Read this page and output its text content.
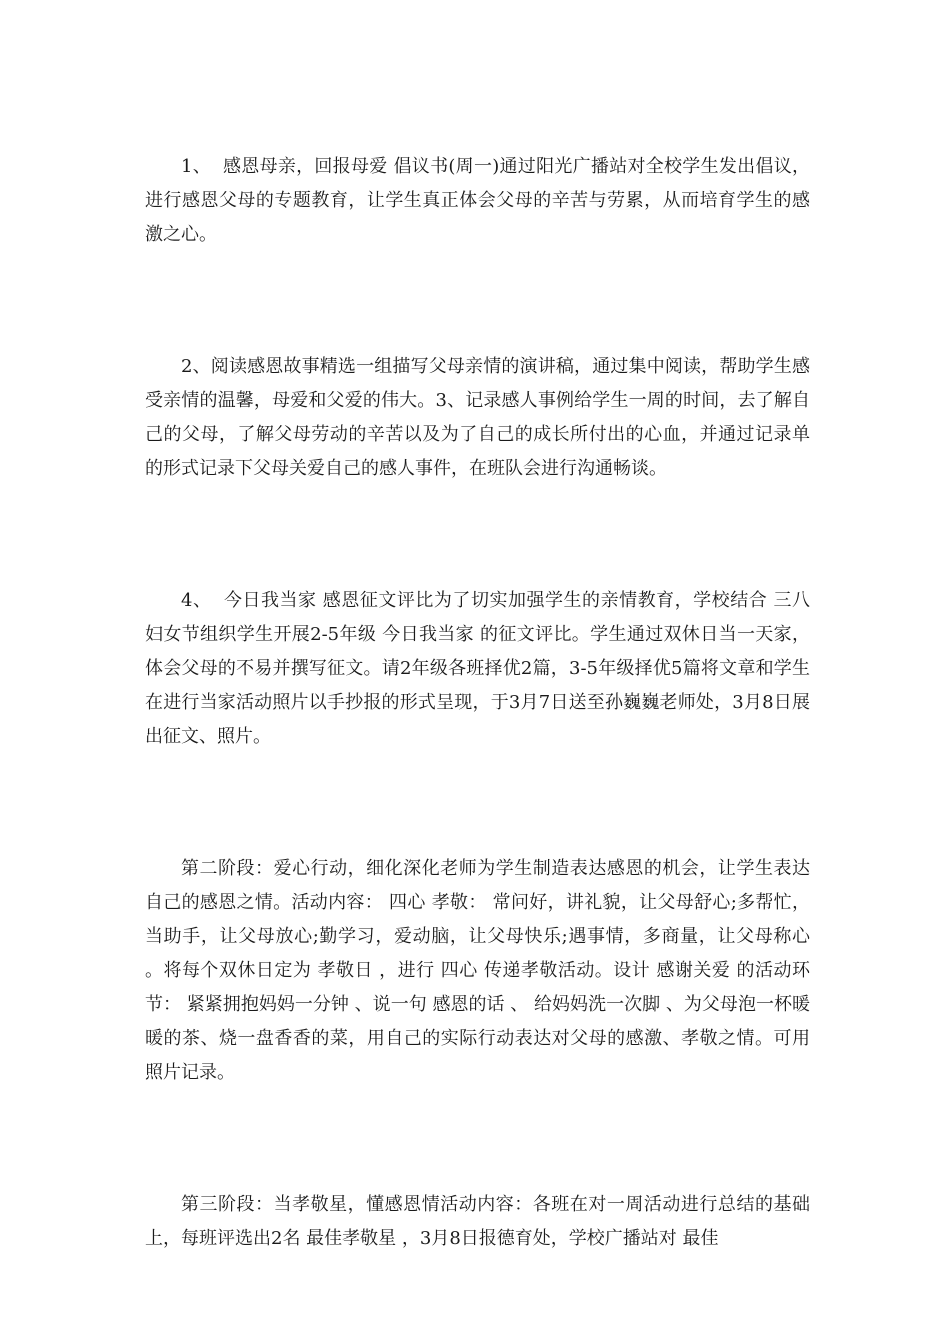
1、  感恩母亲，回报母爱 倡议书(周一)通过阳光广播站对全校学生发出倡议，进行感恩父母的专题教育，让学生真正体会父母的辛苦与劳累，从而培育学生的感激之心。

2、阅读感恩故事精选一组描写父母亲情的演讲稿，通过集中阅读，帮助学生感受亲情的温馨，母爱和父爱的伟大。3、记录感人事例给学生一周的时间，去了解自己的父母，了解父母劳动的辛苦以及为了自己的成长所付出的心血，并通过记录单的形式记录下父母关爱自己的感人事件，在班队会进行沟通畅谈。

4、  今日我当家 感恩征文评比为了切实加强学生的亲情教育，学校结合 三八 妇女节组织学生开展2-5年级 今日我当家 的征文评比。学生通过双休日当一天家，体会父母的不易并撰写征文。请2年级各班择优2篇，3-5年级择优5篇将文章和学生在进行当家活动照片以手抄报的形式呈现，于3月7日送至孙巍巍老师处，3月8日展出征文、照片。

第二阶段：爱心行动，细化深化老师为学生制造表达感恩的机会，让学生表达自己的感恩之情。活动内容： 四心 孝敬： 常问好，讲礼貌，让父母舒心;多帮忙，当助手，让父母放心;勤学习，爱动脑，让父母快乐;遇事情，多商量，让父母称心 。将每个双休日定为 孝敬日 ，进行 四心 传递孝敬活动。设计 感谢关爱 的活动环节： 紧紧拥抱妈妈一分钟 、说一句 感恩的话 、 给妈妈洗一次脚 、为父母泡一杯暖暖的茶、烧一盘香香的菜，用自己的实际行动表达对父母的感激、孝敬之情。可用照片记录。

第三阶段：当孝敬星，懂感恩情活动内容：各班在对一周活动进行总结的基础上，每班评选出2名 最佳孝敬星 ，3月8日报德育处，学校广播站对 最佳
